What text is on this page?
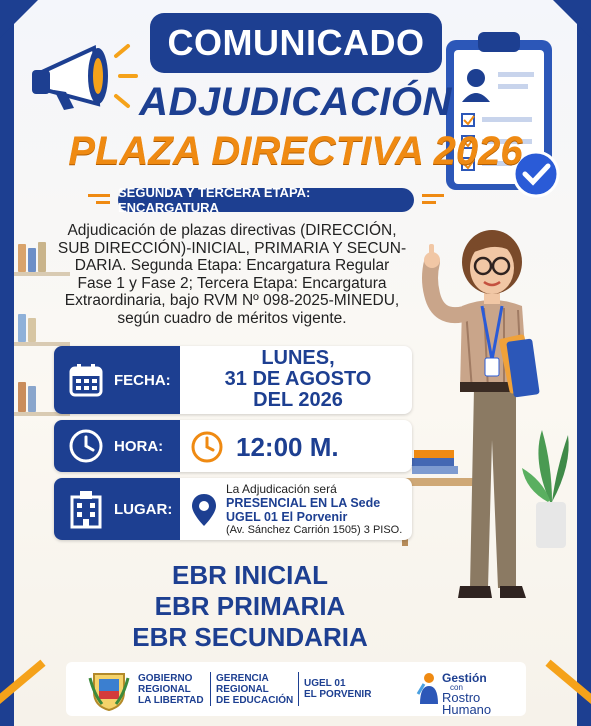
COMUNICADO
ADJUDICACIÓN
PLAZA DIRECTIVA 2026
SEGUNDA Y TERCERA ETAPA: ENCARGATURA
Adjudicación de plazas directivas (DIRECCIÓN,
SUB DIRECCIÓN)-INICIAL, PRIMARIA Y SECUN-
DARIA. Segunda Etapa: Encargatura Regular
Fase 1 y Fase 2; Tercera Etapa: Encargatura
Extraordinaria, bajo RVM Nº 098-2025-MINEDU,
según cuadro de méritos vigente.
FECHA:
LUNES,
31 DE AGOSTO
DEL 2026
HORA:	12:00 M.
LUGAR:
La Adjudicación será
PRESENCIAL EN LA Sede
UGEL 01 El Porvenir
(Av. Sánchez Carrión 1505) 3 PISO.
EBR INICIAL
EBR PRIMARIA
EBR SECUNDARIA
GOBIERNO
REGIONAL
LA LIBERTAD
GERENCIA
REGIONAL
DE EDUCACIÓN
UGEL 01
EL PORVENIR
Gestión
con
Rostro
Humano
